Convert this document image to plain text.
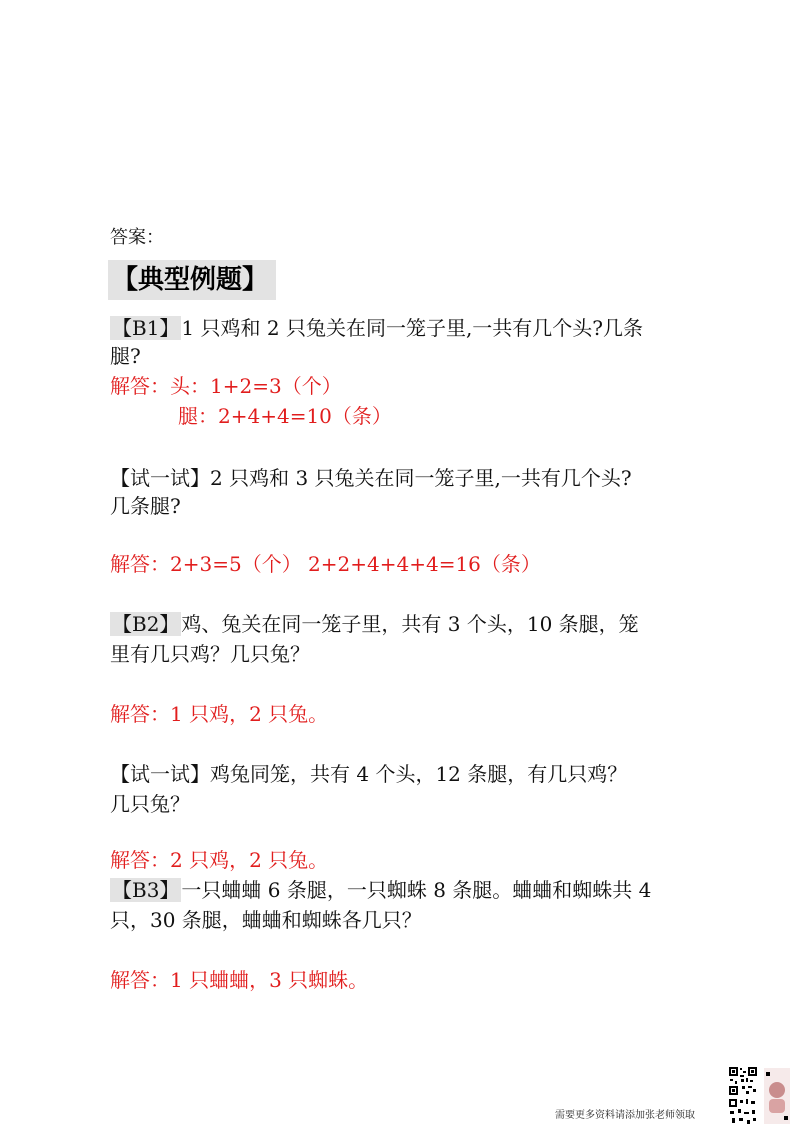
答案：
【典型例题】
【B1】 1 只鸡和 2 只兔关在同一笼子里,一共有几个头?几条
腿?
解答：头：1+2=3（个）
腿：2+4+4=10（条）
【试一试】2 只鸡和 3 只兔关在同一笼子里,一共有几个头?
几条腿?
解答：2+3=5（个） 2+2+4+4+4=16（条）
【B2】 鸡、兔关在同一笼子里，共有 3 个头，10 条腿，笼
里有几只鸡？几只兔？
解答：1 只鸡，2 只兔。
【试一试】鸡兔同笼，共有 4 个头，12 条腿，有几只鸡？
几只兔？
解答：2 只鸡，2 只兔。
【B3】 一只蛐蛐 6 条腿，一只蜘蛛 8 条腿。蛐蛐和蜘蛛共 4
只，30 条腿，蛐蛐和蜘蛛各几只？
解答：1 只蛐蛐，3 只蜘蛛。
需要更多资料请添加张老师领取
